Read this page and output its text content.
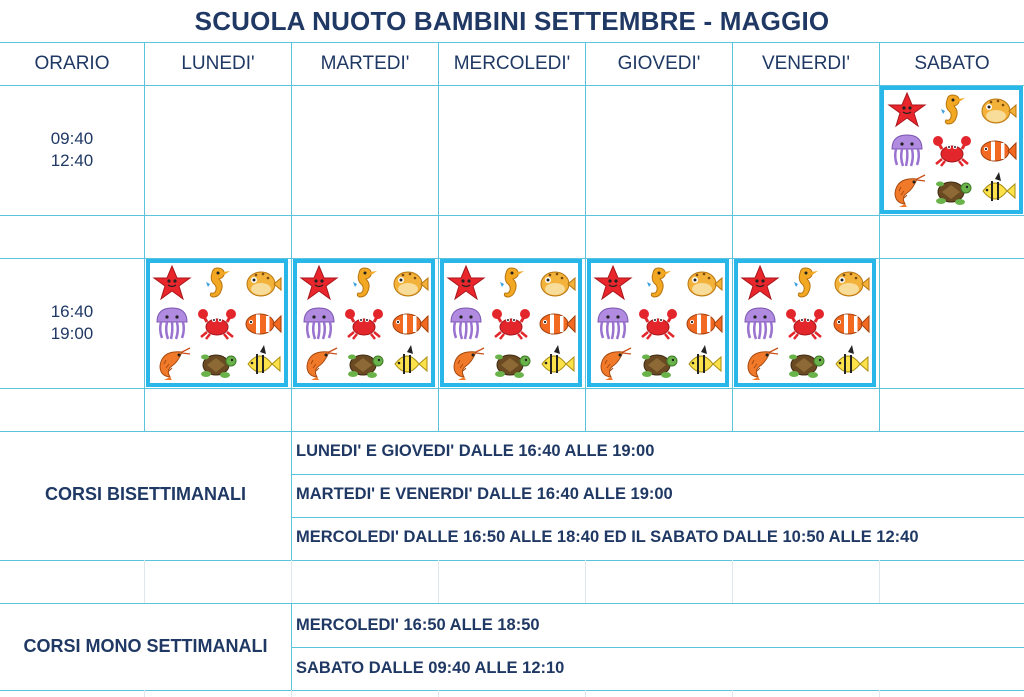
SCUOLA NUOTO BAMBINI SETTEMBRE - MAGGIO
ORARIO	LUNEDI'	MARTEDI'	MERCOLEDI'	GIOVEDI'	VENERDI'	SABATO
09:40
12:40
16:40
19:00
CORSI BISETTIMANALI
LUNEDI' E GIOVEDI' DALLE 16:40 ALLE 19:00
MARTEDI' E VENERDI' DALLE 16:40 ALLE 19:00
MERCOLEDI' DALLE 16:50 ALLE 18:40 ED IL SABATO DALLE 10:50 ALLE 12:40
CORSI MONO SETTIMANALI
MERCOLEDI' 16:50 ALLE 18:50
SABATO DALLE 09:40 ALLE 12:10
